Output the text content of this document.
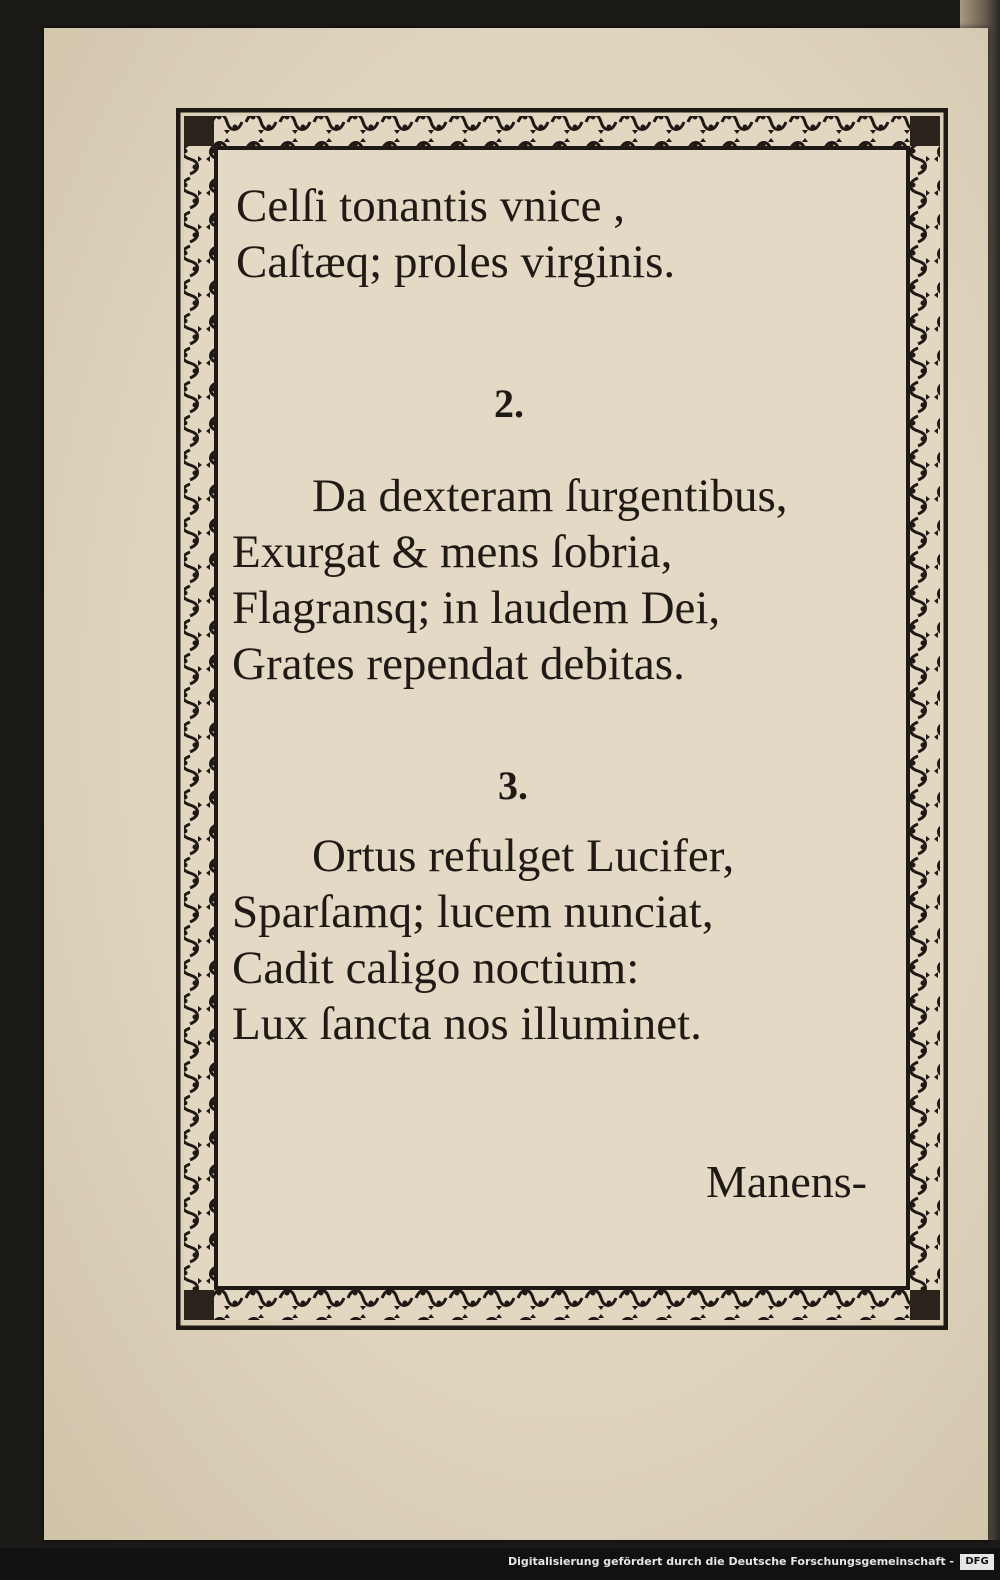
Celſi tonantis vnice ,
Caſtæq; proles virginis.
2.
Da dexteram ſurgentibus,
Exurgat & mens ſobria,
Flagransq; in laudem Dei,
Grates rependat debitas.
3.
Ortus refulget Lucifer,
Sparſamq; lucem nunciat,
Cadit caligo noctium:
Lux ſancta nos illuminet.
Manens-
Digitalisierung gefördert durch die Deutsche Forschungsgemeinschaft -	DFG
